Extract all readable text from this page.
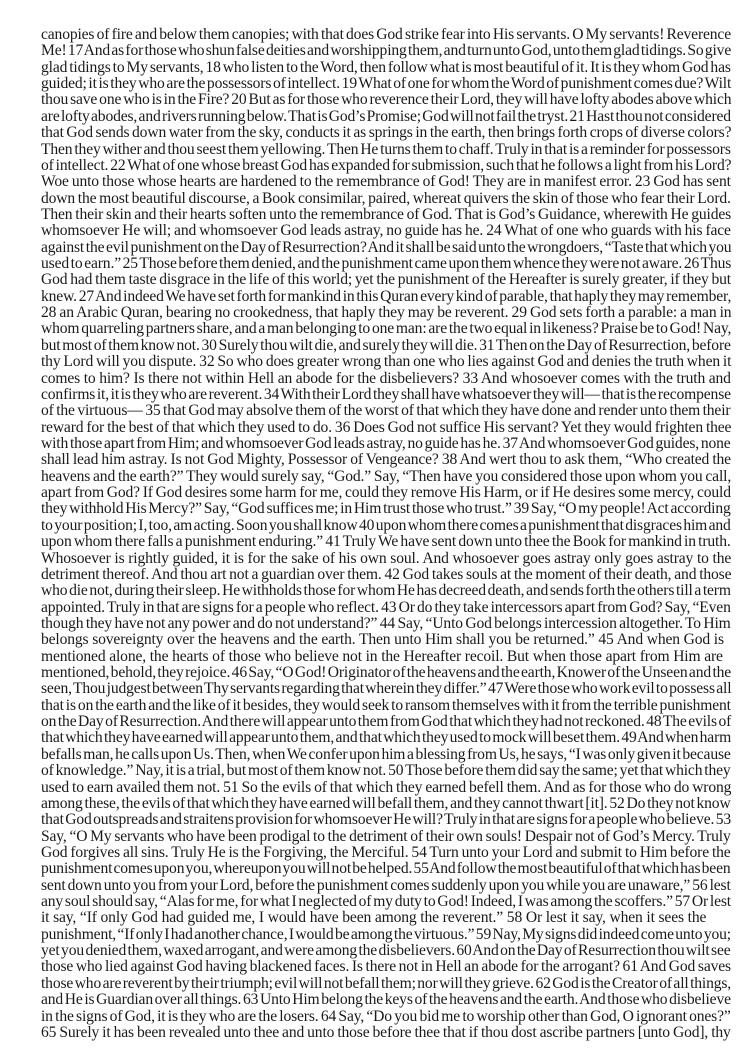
canopies of fire and below them canopies; with that does God strike fear into His servants. O My servants! Reverence
Me! 17 And as for those who shun false deities and worshipping them, and turn unto God, unto them glad tidings. So give
glad tidings to My servants, 18 who listen to the Word, then follow what is most beautiful of it. It is they whom God has
guided; it is they who are the possessors of intellect. 19 What of one for whom the Word of punishment comes due? Wilt
thou save one who is in the Fire? 20 But as for those who reverence their Lord, they will have lofty abodes above which
are lofty abodes, and rivers running below. That is God’s Promise; God will not fail the tryst. 21 Hast thou not considered
that God sends down water from the sky, conducts it as springs in the earth, then brings forth crops of diverse colors?
Then they wither and thou seest them yellowing. Then He turns them to chaff. Truly in that is a reminder for possessors
of intellect. 22 What of one whose breast God has expanded for submission, such that he follows a light from his Lord?
Woe unto those whose hearts are hardened to the remembrance of God! They are in manifest error. 23 God has sent
down the most beautiful discourse, a Book consimilar, paired, whereat quivers the skin of those who fear their Lord.
Then their skin and their hearts soften unto the remembrance of God. That is God’s Guidance, wherewith He guides
whomsoever He will; and whomsoever God leads astray, no guide has he. 24 What of one who guards with his face
against the evil punishment on the Day of Resurrection? And it shall be said unto the wrongdoers, “Taste that which you
used to earn.” 25 Those before them denied, and the punishment came upon them whence they were not aware. 26 Thus
God had them taste disgrace in the life of this world; yet the punishment of the Hereafter is surely greater, if they but
knew. 27 And indeed We have set forth for mankind in this Quran every kind of parable, that haply they may remember,
28 an Arabic Quran, bearing no crookedness, that haply they may be reverent. 29 God sets forth a parable: a man in
whom quarreling partners share, and a man belonging to one man: are the two equal in likeness? Praise be to God! Nay,
but most of them know not. 30 Surely thou wilt die, and surely they will die. 31 Then on the Day of Resurrection, before
thy Lord will you dispute. 32 So who does greater wrong than one who lies against God and denies the truth when it
comes to him? Is there not within Hell an abode for the disbelievers? 33 And whosoever comes with the truth and
confirms it, it is they who are reverent. 34 With their Lord they shall have whatsoever they will— that is the recompense
of the virtuous— 35 that God may absolve them of the worst of that which they have done and render unto them their
reward for the best of that which they used to do. 36 Does God not suffice His servant? Yet they would frighten thee
with those apart from Him; and whomsoever God leads astray, no guide has he. 37 And whomsoever God guides, none
shall lead him astray. Is not God Mighty, Possessor of Vengeance? 38 And wert thou to ask them, “Who created the
heavens and the earth?” They would surely say, “God.” Say, “Then have you considered those upon whom you call,
apart from God? If God desires some harm for me, could they remove His Harm, or if He desires some mercy, could
they withhold His Mercy?” Say, “God suffices me; in Him trust those who trust.” 39 Say, “O my people! Act according
to your position; I, too, am acting. Soon you shall know 40 upon whom there comes a punishment that disgraces him and
upon whom there falls a punishment enduring.” 41 Truly We have sent down unto thee the Book for mankind in truth.
Whosoever is rightly guided, it is for the sake of his own soul. And whosoever goes astray only goes astray to the
detriment thereof. And thou art not a guardian over them. 42 God takes souls at the moment of their death, and those
who die not, during their sleep. He withholds those for whom He has decreed death, and sends forth the others till a term
appointed. Truly in that are signs for a people who reflect. 43 Or do they take intercessors apart from God? Say, “Even
though they have not any power and do not understand?” 44 Say, “Unto God belongs intercession altogether. To Him
belongs sovereignty over the heavens and the earth. Then unto Him shall you be returned.” 45 And when God is
mentioned alone, the hearts of those who believe not in the Hereafter recoil. But when those apart from Him are
mentioned, behold, they rejoice. 46 Say, “O God! Originator of the heavens and the earth, Knower of the Unseen and the
seen, Thou judgest between Thy servants regarding that wherein they differ.” 47 Were those who work evil to possess all
that is on the earth and the like of it besides, they would seek to ransom themselves with it from the terrible punishment
on the Day of Resurrection. And there will appear unto them from God that which they had not reckoned. 48 The evils of
that which they have earned will appear unto them, and that which they used to mock will beset them. 49 And when harm
befalls man, he calls upon Us. Then, when We confer upon him a blessing from Us, he says, “I was only given it because
of knowledge.” Nay, it is a trial, but most of them know not. 50 Those before them did say the same; yet that which they
used to earn availed them not. 51 So the evils of that which they earned befell them. And as for those who do wrong
among these, the evils of that which they have earned will befall them, and they cannot thwart [it]. 52 Do they not know
that God outspreads and straitens provision for whomsoever He will? Truly in that are signs for a people who believe. 53
Say, “O My servants who have been prodigal to the detriment of their own souls! Despair not of God’s Mercy. Truly
God forgives all sins. Truly He is the Forgiving, the Merciful. 54 Turn unto your Lord and submit to Him before the
punishment comes upon you, whereupon you will not be helped. 55 And follow the most beautiful of that which has been
sent down unto you from your Lord, before the punishment comes suddenly upon you while you are unaware,” 56 lest
any soul should say, “Alas for me, for what I neglected of my duty to God! Indeed, I was among the scoffers.” 57 Or lest
it say, “If only God had guided me, I would have been among the reverent.” 58 Or lest it say, when it sees the
punishment, “If only I had another chance, I would be among the virtuous.” 59 Nay, My signs did indeed come unto you;
yet you denied them, waxed arrogant, and were among the disbelievers. 60 And on the Day of Resurrection thou wilt see
those who lied against God having blackened faces. Is there not in Hell an abode for the arrogant? 61 And God saves
those who are reverent by their triumph; evil will not befall them; nor will they grieve. 62 God is the Creator of all things,
and He is Guardian over all things. 63 Unto Him belong the keys of the heavens and the earth. And those who disbelieve
in the signs of God, it is they who are the losers. 64 Say, “Do you bid me to worship other than God, O ignorant ones?”
65 Surely it has been revealed unto thee and unto those before thee that if thou dost ascribe partners [unto God], thy
